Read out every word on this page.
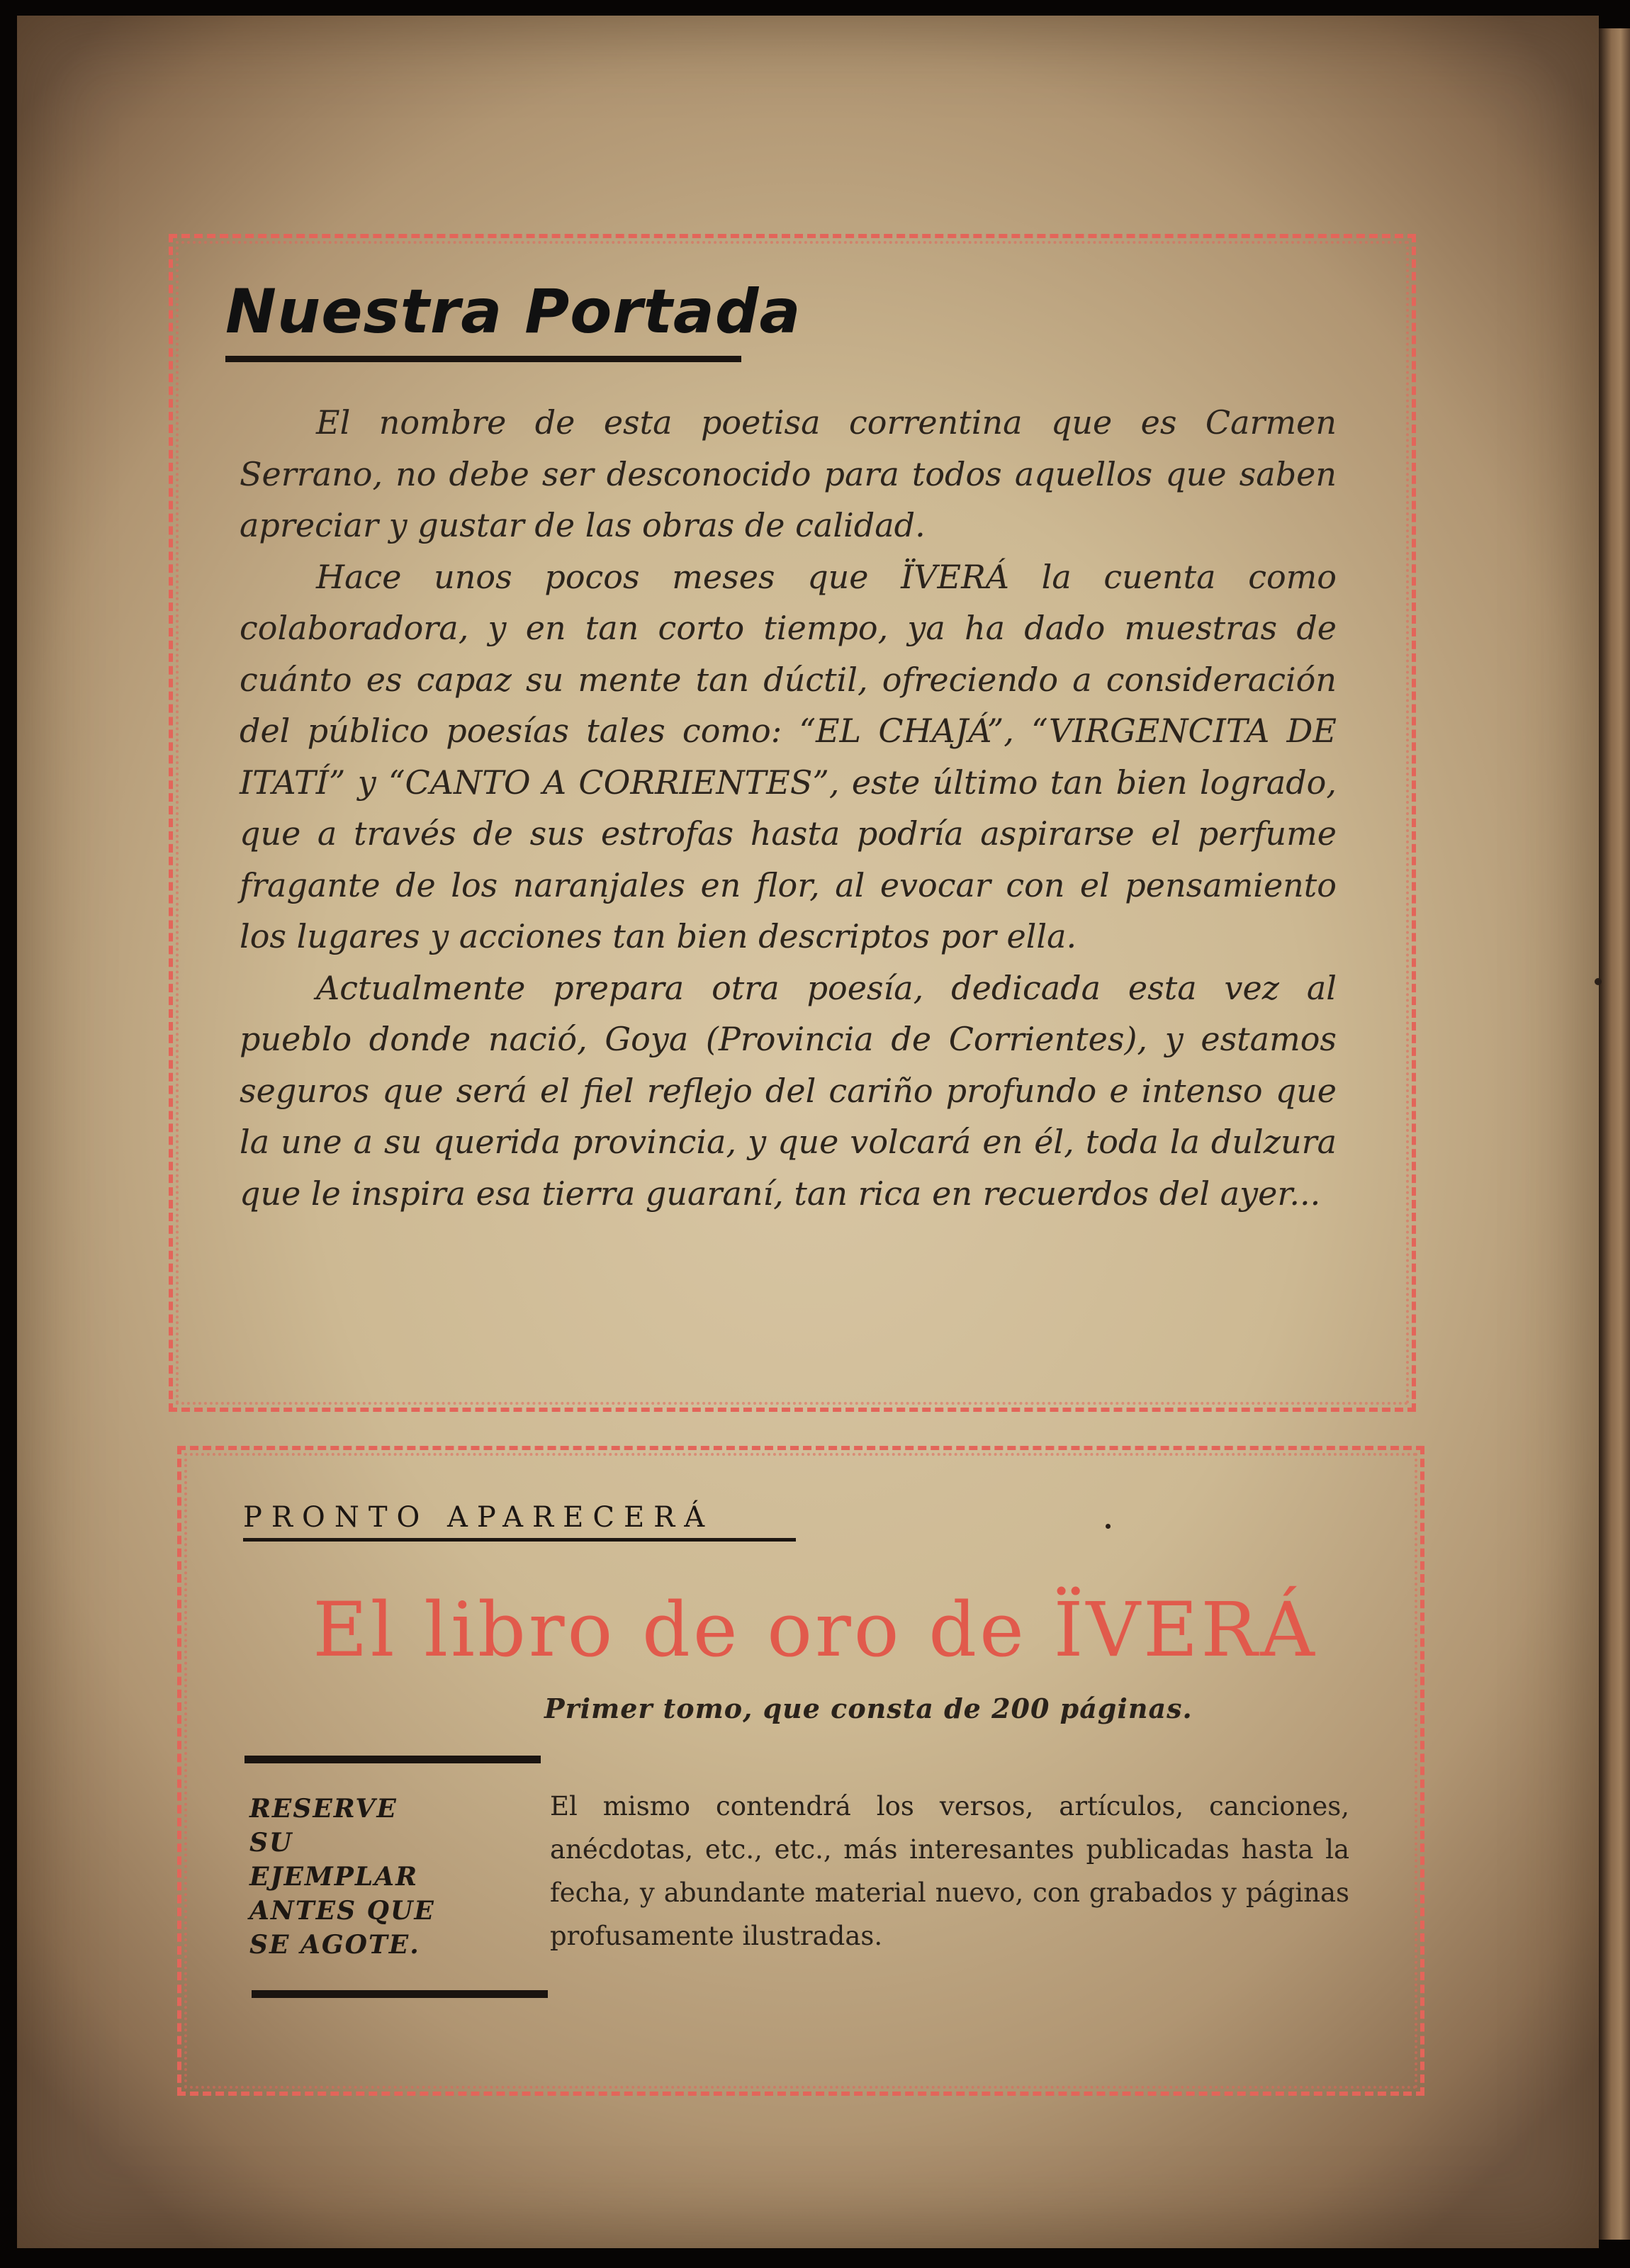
Nuestra Portada

El nombre de esta poetisa correntina que es Carmen Serrano, no debe ser desconocido para todos aquellos que saben apreciar y gustar de las obras de calidad.

Hace unos pocos meses que ÏVERÁ la cuenta como colaboradora, y en tan corto tiempo, ya ha dado muestras de cuánto es capaz su mente tan dúctil, ofreciendo a consideración del público poesías tales como: “EL CHAJÁ”, “VIRGENCITA DE ITATÍ” y “CANTO A CORRIENTES”, este último tan bien logrado, que a través de sus estrofas hasta podría aspirarse el perfume fragante de los naranjales en flor, al evocar con el pensamiento los lugares y acciones tan bien descriptos por ella.

Actualmente prepara otra poesía, dedicada esta vez al pueblo donde nació, Goya (Provincia de Corrientes), y estamos seguros que será el fiel reflejo del cariño profundo e intenso que la une a su querida provincia, y que volcará en él, toda la dulzura que le inspira esa tierra guaraní, tan rica en recuerdos del ayer...

PRONTO APARECERÁ
El libro de oro de ÏVERÁ
Primer tomo, que consta de 200 páginas.
RESERVE
SU
EJEMPLAR
ANTES QUE
SE AGOTE.
El mismo contendrá los versos, artículos, canciones, anécdotas, etc., etc., más interesantes publicadas hasta la fecha, y abundante material nuevo, con grabados y páginas profusamente ilustradas.
